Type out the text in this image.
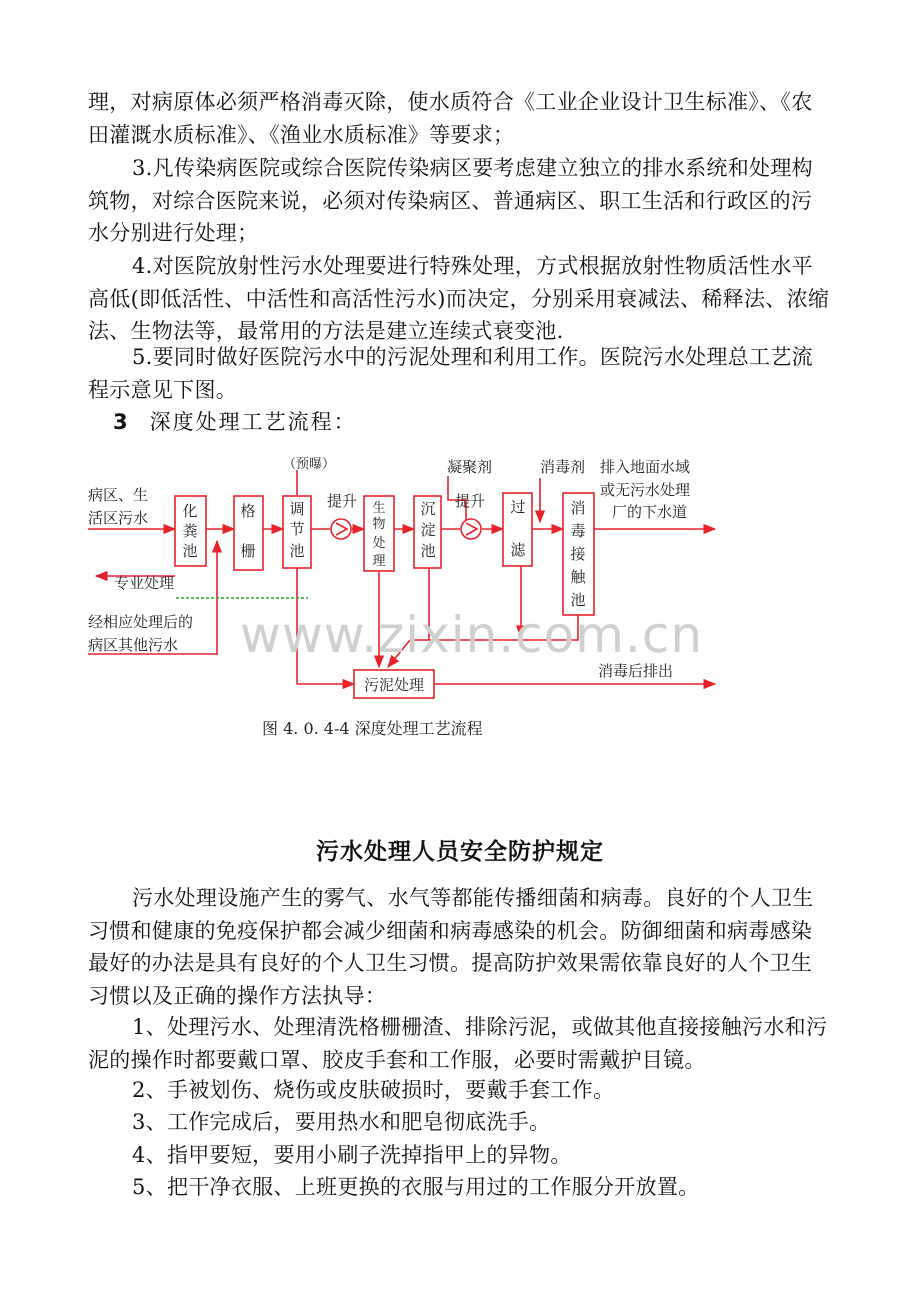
理，对病原体必须严格消毒灭除，使水质符合《工业企业设计卫生标准》、《农田灌溉水质标准》、《渔业水质标准》等要求；

3.凡传染病医院或综合医院传染病区要考虑建立独立的排水系统和处理构筑物，对综合医院来说，必须对传染病区、普通病区、职工生活和行政区的污水分别进行处理；

4.对医院放射性污水处理要进行特殊处理，方式根据放射性物质活性水平高低(即低活性、中活性和高活性污水)而决定，分别采用衰减法、稀释法、浓缩法、生物法等，最常用的方法是建立连续式衰变池.

5.要同时做好医院污水中的污泥处理和利用工作。医院污水处理总工艺流程示意见下图。

3 深度处理工艺流程：
化
粪
池
格
栅
调
节
池
生
物
处
理
沉
淀
池
过
滤
消
毒
接
触
池
污泥处理
病区、生
活区污水
（预曝）
提升	提升
凝聚剂	消毒剂 排入地面水域
或无污水处理
厂的下水道
专业处理
经相应处理后的
病区其他污水
消毒后排出
图 4. 0. 4-4 深度处理工艺流程
www.zixin.com.cn
污水处理人员安全防护规定

污水处理设施产生的雾气、水气等都能传播细菌和病毒。良好的个人卫生习惯和健康的免疫保护都会减少细菌和病毒感染的机会。防御细菌和病毒感染最好的办法是具有良好的个人卫生习惯。提高防护效果需依靠良好的人个卫生习惯以及正确的操作方法执导：

1、处理污水、处理清洗格栅栅渣、排除污泥，或做其他直接接触污水和污泥的操作时都要戴口罩、胶皮手套和工作服，必要时需戴护目镜。

2、手被划伤、烧伤或皮肤破损时，要戴手套工作。

3、工作完成后，要用热水和肥皂彻底洗手。

4、指甲要短，要用小刷子洗掉指甲上的异物。

5、把干净衣服、上班更换的衣服与用过的工作服分开放置。
